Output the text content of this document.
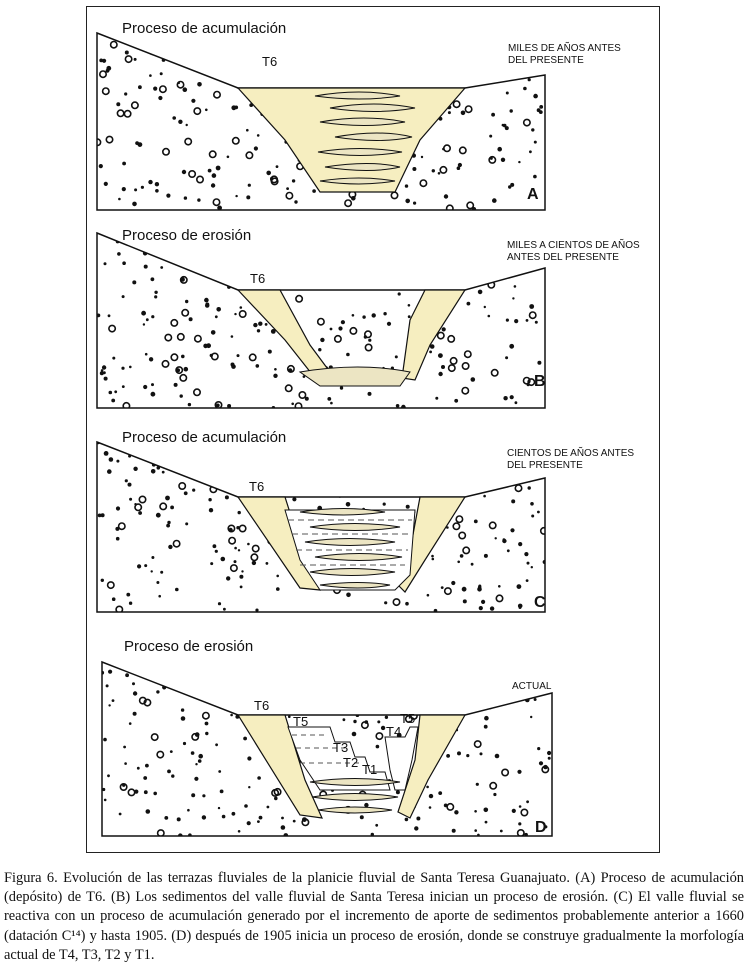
Proceso de acumulación
T6
MILES DE AÑOS ANTES
DEL PRESENTE
A
Proceso de erosión
T6
MILES A CIENTOS DE AÑOS
ANTES DEL PRESENTE
B
Proceso de acumulación
T6
CIENTOS DE AÑOS ANTES
DEL PRESENTE
C
Proceso de erosión
T6
T5
T3
T2 T1
T5
T4
ACTUAL
D

Figura 6. Evolución de las terrazas fluviales de la planicie fluvial de Santa Teresa Guanajuato. (A) Proceso de acumulación (depósito) de T6. (B) Los sedimentos del valle fluvial de Santa Teresa inician un proceso de erosión. (C) El valle fluvial se reactiva con un proceso de acumulación generado por el incremento de aporte de sedimentos probablemente anterior a 1660 (datación C¹⁴) y hasta 1905. (D) después de 1905 inicia un proceso de erosión, donde se construye gradualmente la morfología actual de T4, T3, T2 y T1.
